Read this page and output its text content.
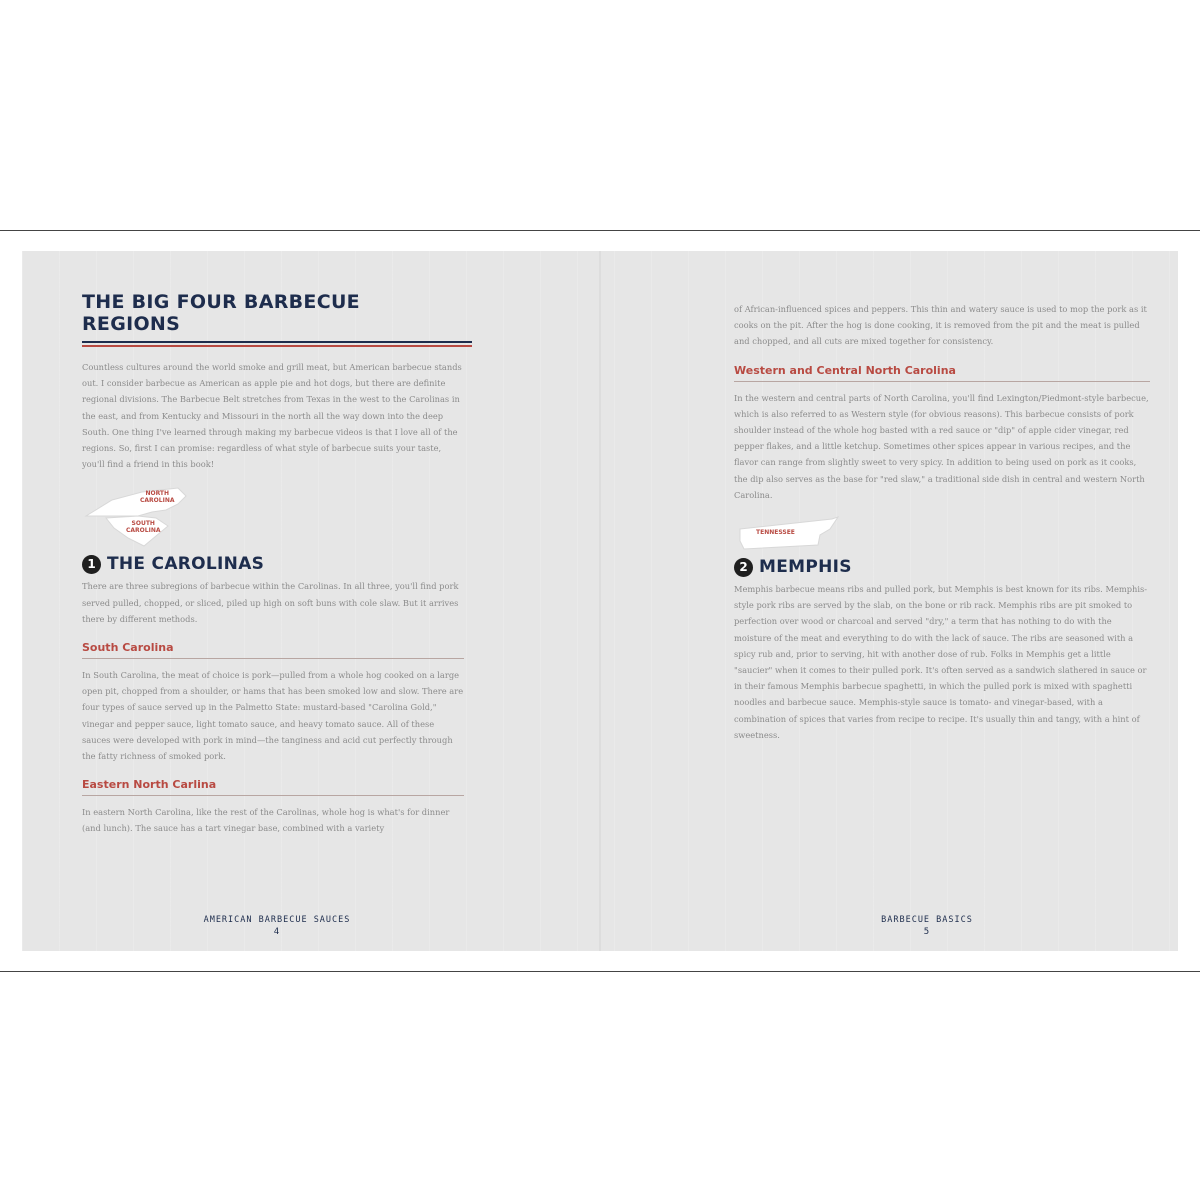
THE BIG FOUR BARBECUE REGIONS

Countless cultures around the world smoke and grill meat, but American barbecue stands out. I consider barbecue as American as apple pie and hot dogs, but there are definite regional divisions. The Barbecue Belt stretches from Texas in the west to the Carolinas in the east, and from Kentucky and Missouri in the north all the way down into the deep South. One thing I've learned through making my barbecue videos is that I love all of the regions. So, first I can promise: regardless of what style of barbecue suits your taste, you'll find a friend in this book!

NORTH
CAROLINA
SOUTH
CAROLINA
1 THE CAROLINAS

There are three subregions of barbecue within the Carolinas. In all three, you'll find pork served pulled, chopped, or sliced, piled up high on soft buns with cole slaw. But it arrives there by different methods.

South Carolina

In South Carolina, the meat of choice is pork—pulled from a whole hog cooked on a large open pit, chopped from a shoulder, or hams that has been smoked low and slow. There are four types of sauce served up in the Palmetto State: mustard-based "Carolina Gold," vinegar and pepper sauce, light tomato sauce, and heavy tomato sauce. All of these sauces were developed with pork in mind—the tanginess and acid cut perfectly through the fatty richness of smoked pork.

Eastern North Carlina

In eastern North Carolina, like the rest of the Carolinas, whole hog is what's for dinner (and lunch). The sauce has a tart vinegar base, combined with a variety

AMERICAN BARBECUE SAUCES
4

of African-influenced spices and peppers. This thin and watery sauce is used to mop the pork as it cooks on the pit. After the hog is done cooking, it is removed from the pit and the meat is pulled and chopped, and all cuts are mixed together for consistency.

Western and Central North Carolina

In the western and central parts of North Carolina, you'll find Lexington/Piedmont-style barbecue, which is also referred to as Western style (for obvious reasons). This barbecue consists of pork shoulder instead of the whole hog basted with a red sauce or "dip" of apple cider vinegar, red pepper flakes, and a little ketchup. Sometimes other spices appear in various recipes, and the flavor can range from slightly sweet to very spicy. In addition to being used on pork as it cooks, the dip also serves as the base for "red slaw," a traditional side dish in central and western North Carolina.

TENNESSEE
2 MEMPHIS

Memphis barbecue means ribs and pulled pork, but Memphis is best known for its ribs. Memphis-style pork ribs are served by the slab, on the bone or rib rack. Memphis ribs are pit smoked to perfection over wood or charcoal and served "dry," a term that has nothing to do with the moisture of the meat and everything to do with the lack of sauce. The ribs are seasoned with a spicy rub and, prior to serving, hit with another dose of rub. Folks in Memphis get a little "saucier" when it comes to their pulled pork. It's often served as a sandwich slathered in sauce or in their famous Memphis barbecue spaghetti, in which the pulled pork is mixed with spaghetti noodles and barbecue sauce. Memphis-style sauce is tomato- and vinegar-based, with a combination of spices that varies from recipe to recipe. It's usually thin and tangy, with a hint of sweetness.

BARBECUE BASICS
5
